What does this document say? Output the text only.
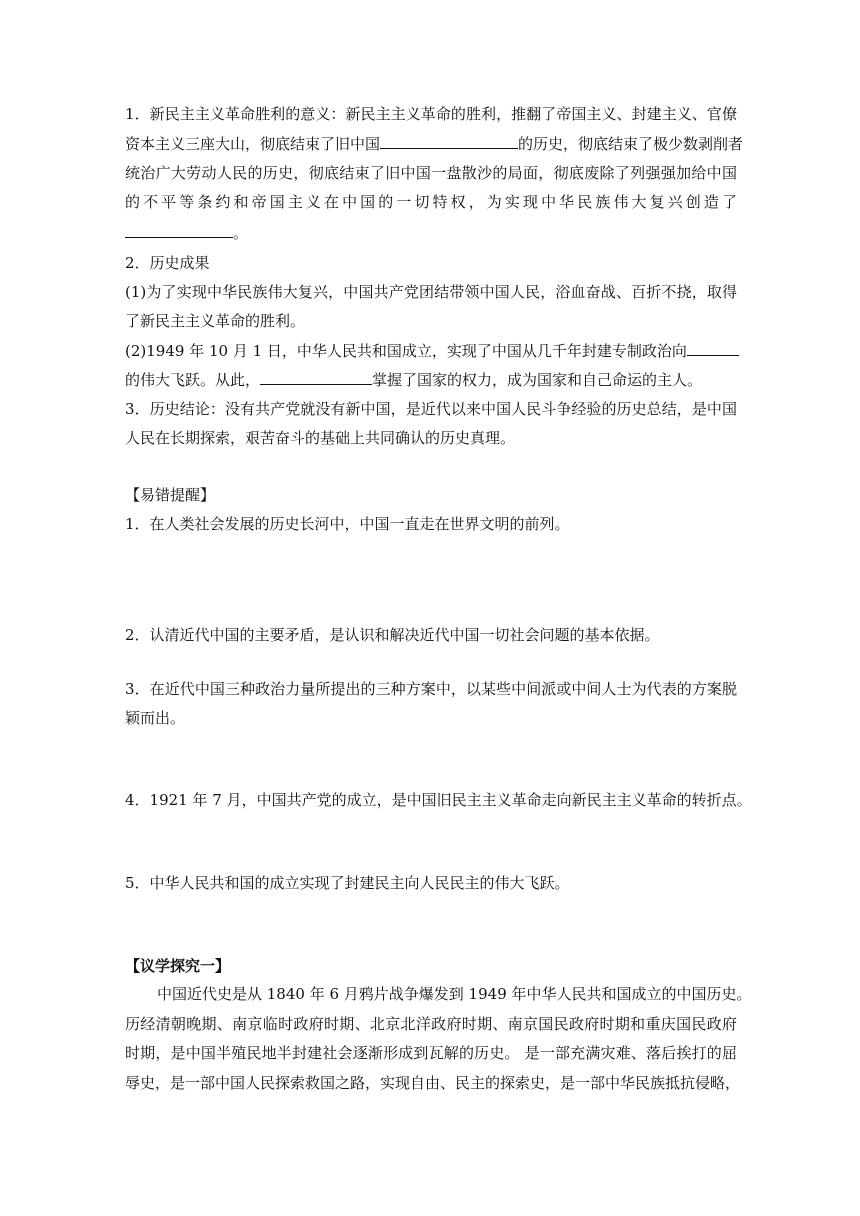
1．新民主主义革命胜利的意义：新民主主义革命的胜利，推翻了帝国主义、封建主义、官僚
资本主义三座大山，彻底结束了旧中国	的历史，彻底结束了极少数剥削者
统治广大劳动人民的历史，彻底结束了旧中国一盘散沙的局面，彻底废除了列强强加给中国
的不平等条约和帝国主义在中国的一切特权，为实现中华民族伟大复兴创造了
。
2．历史成果
(1)为了实现中华民族伟大复兴，中国共产党团结带领中国人民，浴血奋战、百折不挠，取得
了新民主主义革命的胜利。
(2)1949 年 10 月 1 日，中华人民共和国成立，实现了中国从几千年封建专制政治向
的伟大飞跃。从此，	掌握了国家的权力，成为国家和自己命运的主人。
3．历史结论：没有共产党就没有新中国，是近代以来中国人民斗争经验的历史总结，是中国
人民在长期探索，艰苦奋斗的基础上共同确认的历史真理。
【易错提醒】
1．在人类社会发展的历史长河中，中国一直走在世界文明的前列。
2．认清近代中国的主要矛盾，是认识和解决近代中国一切社会问题的基本依据。
3．在近代中国三种政治力量所提出的三种方案中，以某些中间派或中间人士为代表的方案脱
颖而出。
4．1921 年 7 月，中国共产党的成立，是中国旧民主主义革命走向新民主主义革命的转折点。
5．中华人民共和国的成立实现了封建民主向人民民主的伟大飞跃。
【议学探究一】
中国近代史是从 1840 年 6 月鸦片战争爆发到 1949 年中华人民共和国成立的中国历史。
历经清朝晚期、南京临时政府时期、北京北洋政府时期、南京国民政府时期和重庆国民政府
时期，是中国半殖民地半封建社会逐渐形成到瓦解的历史。 是一部充满灾难、落后挨打的屈
辱史，是一部中国人民探索救国之路，实现自由、民主的探索史，是一部中华民族抵抗侵略，
